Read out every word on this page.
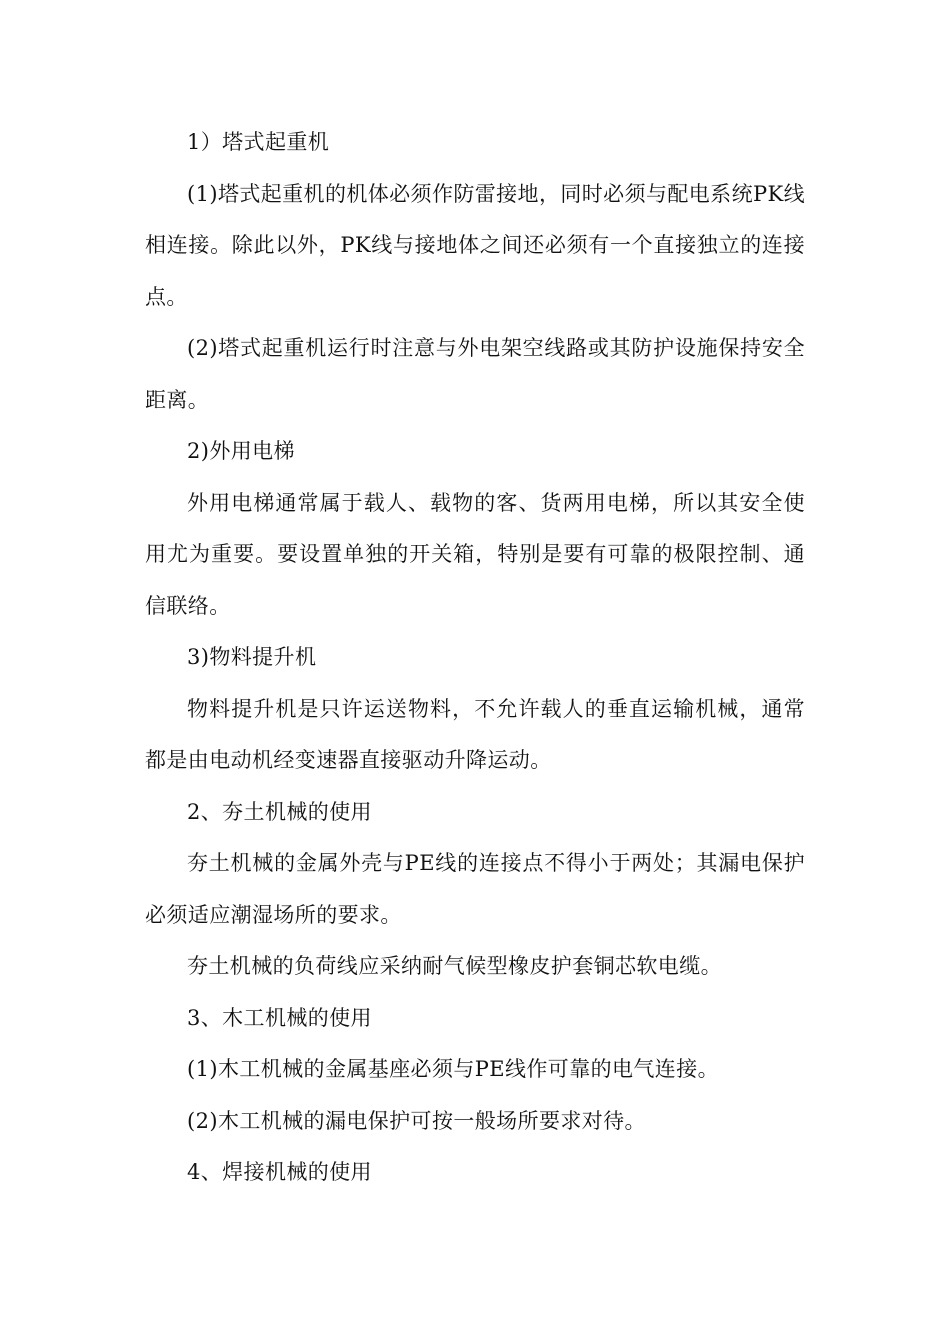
1）塔式起重机

(1)塔式起重机的机体必须作防雷接地，同时必须与配电系统PK线相连接。除此以外，PK线与接地体之间还必须有一个直接独立的连接点。

(2)塔式起重机运行时注意与外电架空线路或其防护设施保持安全距离。

2)外用电梯

外用电梯通常属于载人、载物的客、货两用电梯，所以其安全使用尤为重要。要设置单独的开关箱，特别是要有可靠的极限控制、通信联络。

3)物料提升机

物料提升机是只许运送物料，不允许载人的垂直运输机械，通常都是由电动机经变速器直接驱动升降运动。

2、夯土机械的使用

夯土机械的金属外壳与PE线的连接点不得小于两处；其漏电保护必须适应潮湿场所的要求。

夯土机械的负荷线应采纳耐气候型橡皮护套铜芯软电缆。

3、木工机械的使用

(1)木工机械的金属基座必须与PE线作可靠的电气连接。

(2)木工机械的漏电保护可按一般场所要求对待。

4、焊接机械的使用
